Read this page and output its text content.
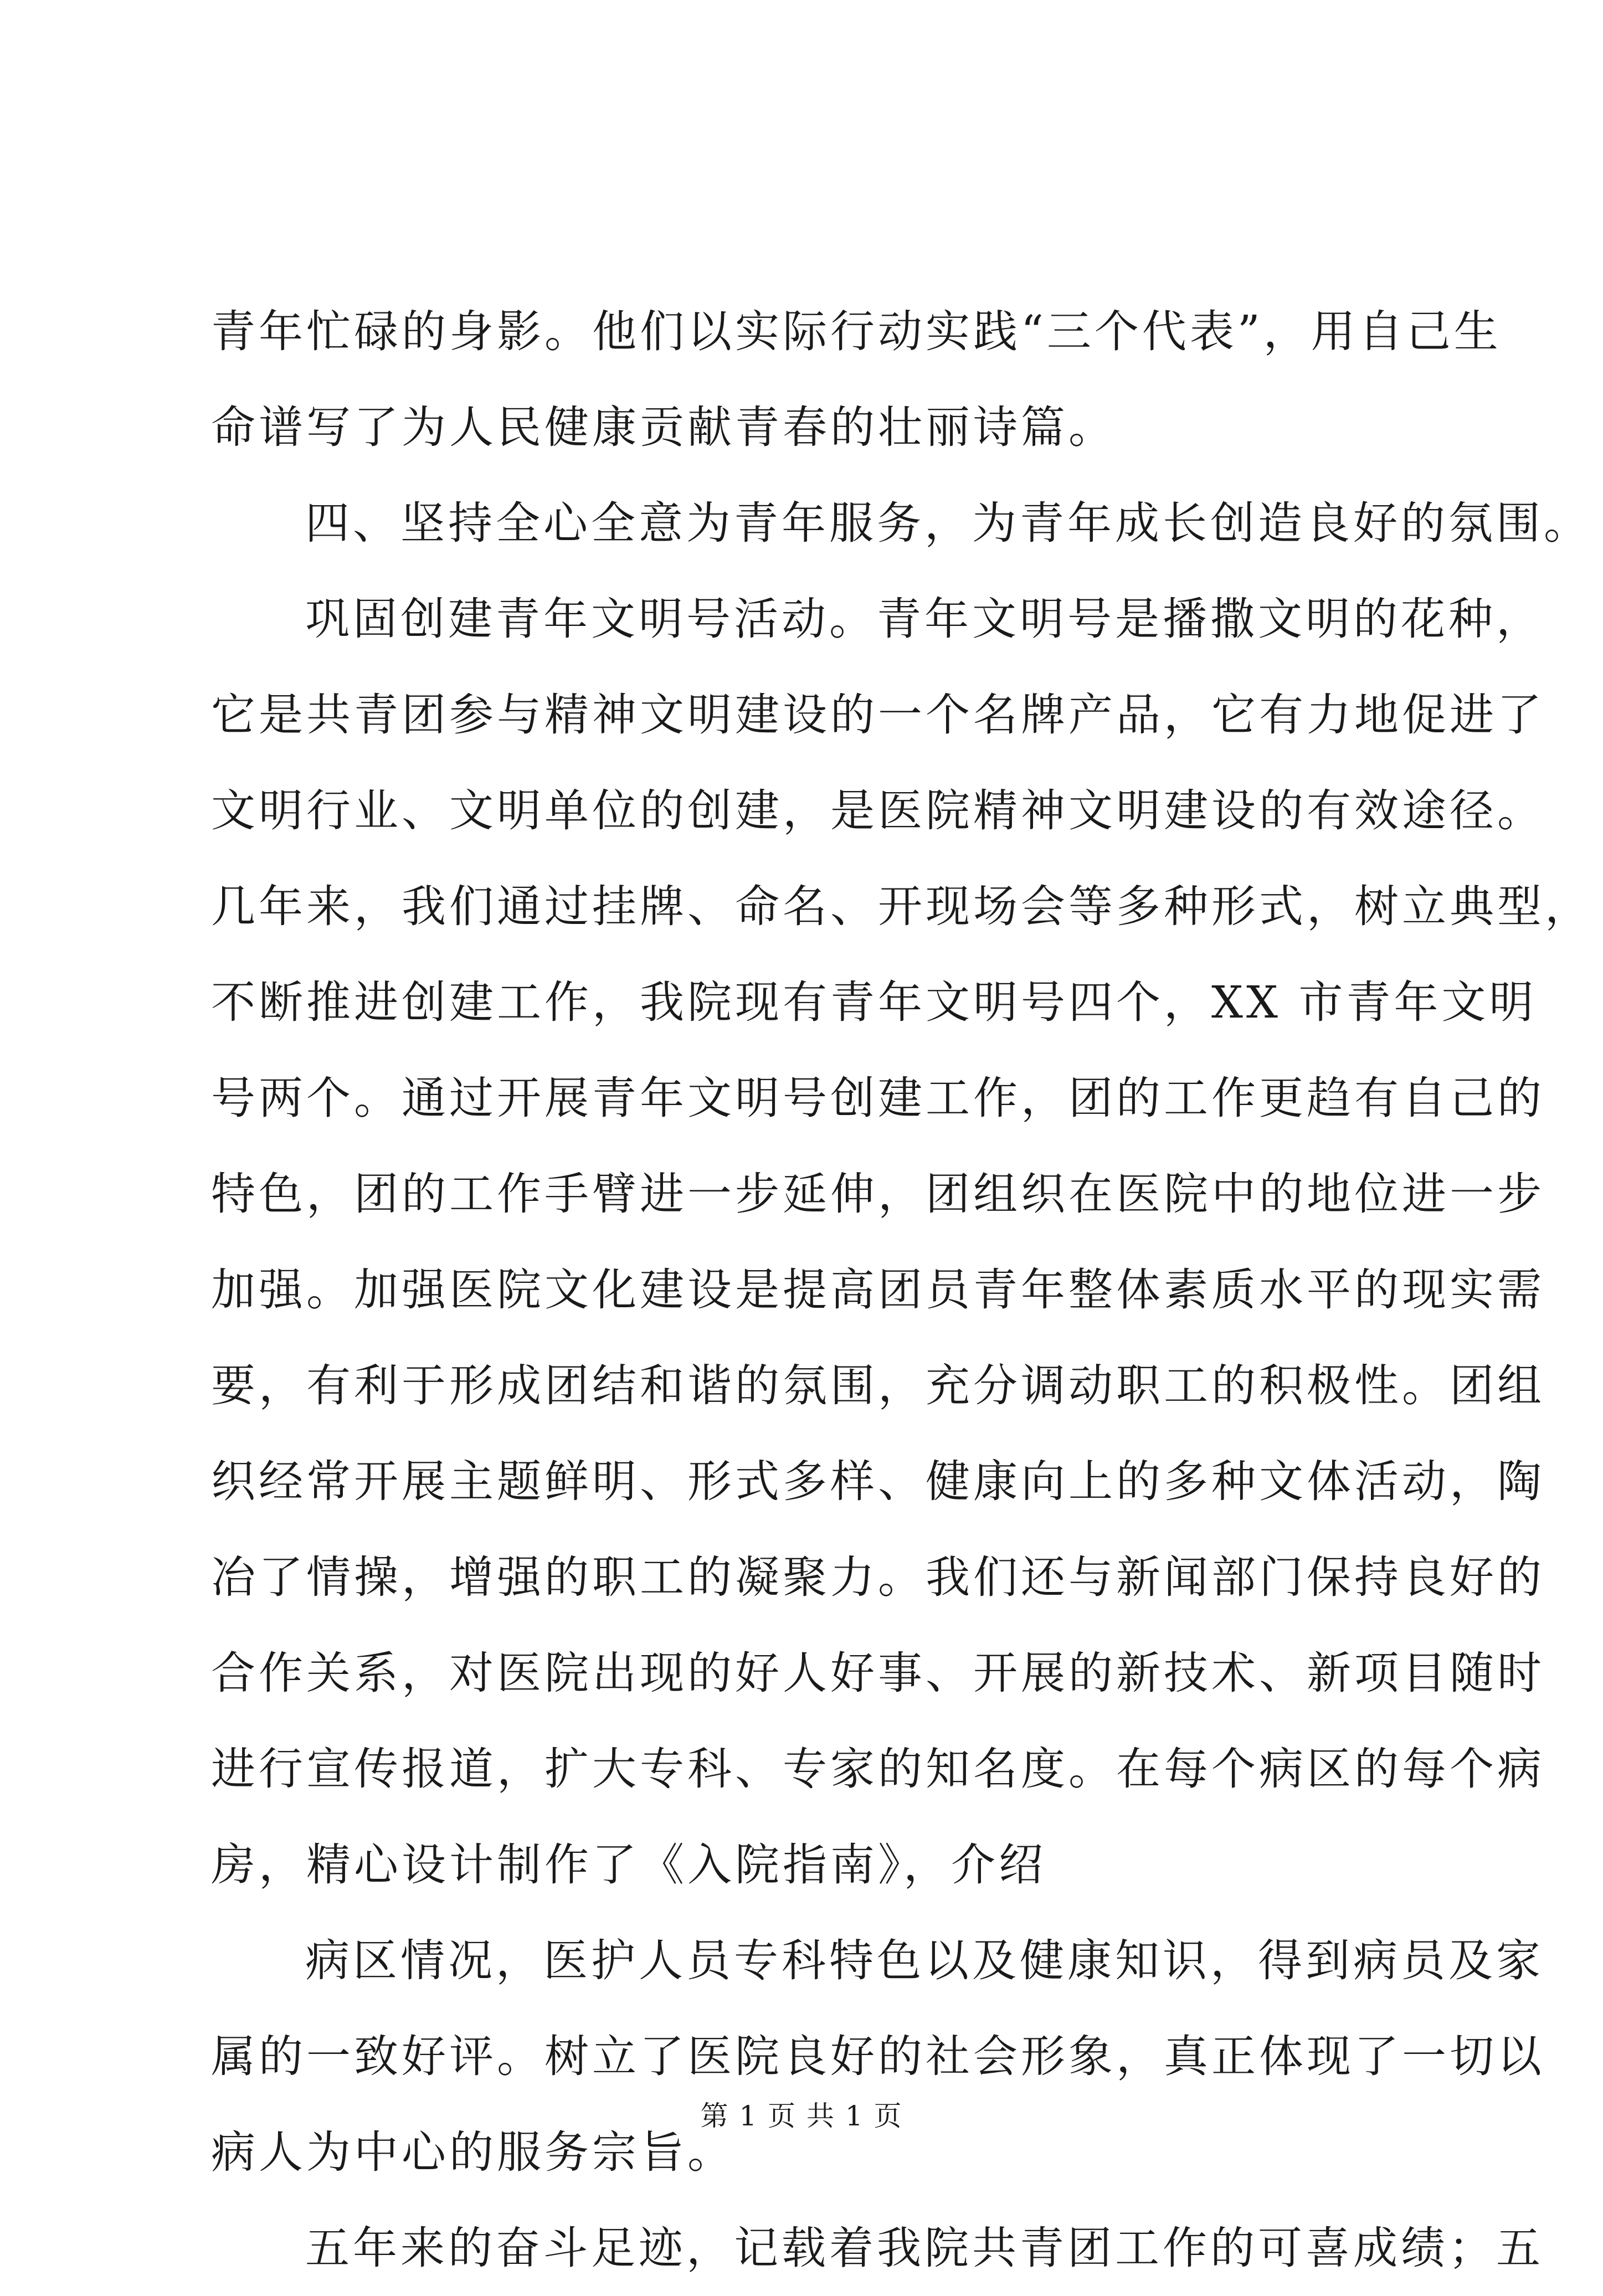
青年忙碌的身影。他们以实际行动实践“三个代表”，用自己生
命谱写了为人民健康贡献青春的壮丽诗篇。
四、坚持全心全意为青年服务，为青年成长创造良好的氛围。
巩固创建青年文明号活动。青年文明号是播撒文明的花种，
它是共青团参与精神文明建设的一个名牌产品，它有力地促进了
文明行业、文明单位的创建，是医院精神文明建设的有效途径。
几年来，我们通过挂牌、命名、开现场会等多种形式，树立典型，
不断推进创建工作，我院现有青年文明号四个，XX 市青年文明
号两个。通过开展青年文明号创建工作，团的工作更趋有自己的
特色，团的工作手臂进一步延伸，团组织在医院中的地位进一步
加强。加强医院文化建设是提高团员青年整体素质水平的现实需
要，有利于形成团结和谐的氛围，充分调动职工的积极性。团组
织经常开展主题鲜明、形式多样、健康向上的多种文体活动，陶
冶了情操，增强的职工的凝聚力。我们还与新闻部门保持良好的
合作关系，对医院出现的好人好事、开展的新技术、新项目随时
进行宣传报道，扩大专科、专家的知名度。在每个病区的每个病
房，精心设计制作了《入院指南》，介绍
病区情况，医护人员专科特色以及健康知识，得到病员及家
属的一致好评。树立了医院良好的社会形象，真正体现了一切以
病人为中心的服务宗旨。
五年来的奋斗足迹，记载着我院共青团工作的可喜成绩；五
第 1 页 共 1 页
